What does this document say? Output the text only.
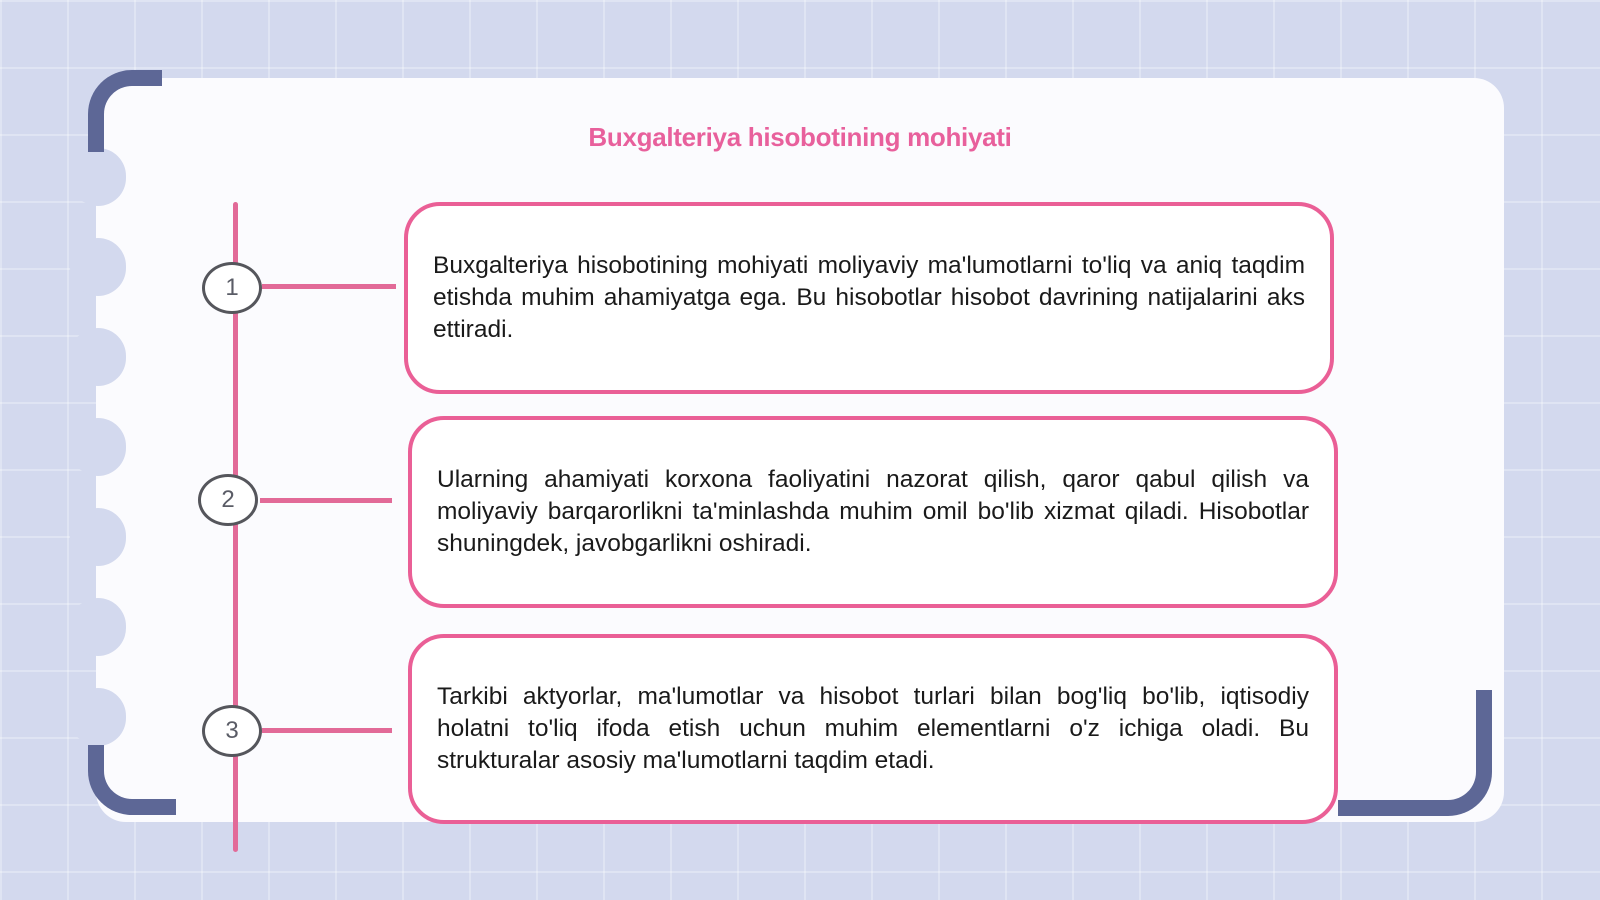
Buxgalteriya hisobotining mohiyati
1
2
3

Buxgalteriya hisobotining mohiyati moliyaviy ma'lumotlarni to'liq va aniq taqdim etishda muhim ahamiyatga ega. Bu hisobotlar hisobot davrining natijalarini aks ettiradi.

Ularning ahamiyati korxona faoliyatini nazorat qilish, qaror qabul qilish va moliyaviy barqarorlikni ta'minlashda muhim omil bo'lib xizmat qiladi. Hisobotlar shuningdek, javobgarlikni oshiradi.

Tarkibi aktyorlar, ma'lumotlar va hisobot turlari bilan bog'liq bo'lib, iqtisodiy holatni to'liq ifoda etish uchun muhim elementlarni o'z ichiga oladi. Bu strukturalar asosiy ma'lumotlarni taqdim etadi.
